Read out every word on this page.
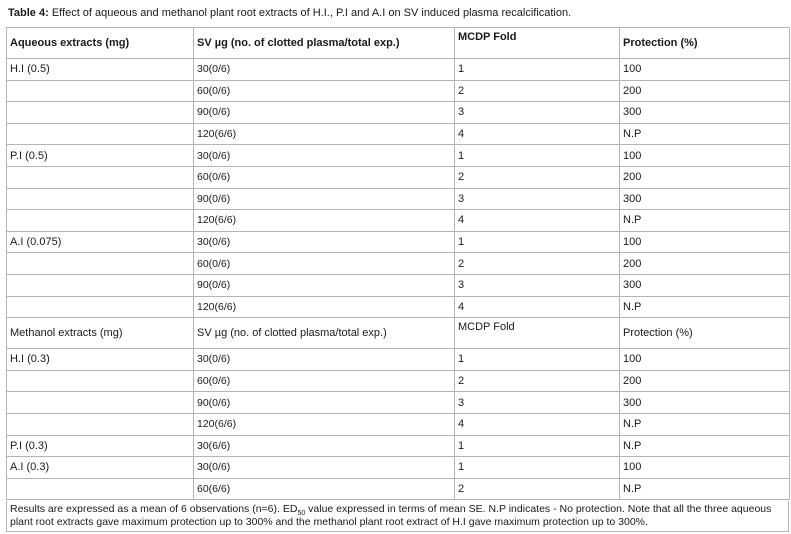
Table 4: Effect of aqueous and methanol plant root extracts of H.I., P.I and A.I on SV induced plasma recalcification.
Aqueous extracts (mg)	SV µg (no. of clotted plasma/total exp.)	MCDP Fold	Protection (%)
H.I (0.5)	30(0/6)	1	100
	60(0/6)	2	200
	90(0/6)	3	300
	120(6/6)	4	N.P
P.I (0.5)	30(0/6)	1	100
	60(0/6)	2	200
	90(0/6)	3	300
	120(6/6)	4	N.P
A.I (0.075)	30(0/6)	1	100
	60(0/6)	2	200
	90(0/6)	3	300
	120(6/6)	4	N.P
Methanol extracts (mg)	SV µg (no. of clotted plasma/total exp.)	MCDP Fold	Protection (%)
H.I (0.3)	30(0/6)	1	100
	60(0/6)	2	200
	90(0/6)	3	300
	120(6/6)	4	N.P
P.I (0.3)	30(6/6)	1	N.P
A.I (0.3)	30(0/6)	1	100
	60(6/6)	2	N.P
Results are expressed as a mean of 6 observations (n=6). $ED_{50}$ value expressed in terms of mean SE. N.P indicates - No protection. Note that all the three aqueous plant root extracts gave maximum protection up to 300% and the methanol plant root extract of H.I gave maximum protection up to 300%.
